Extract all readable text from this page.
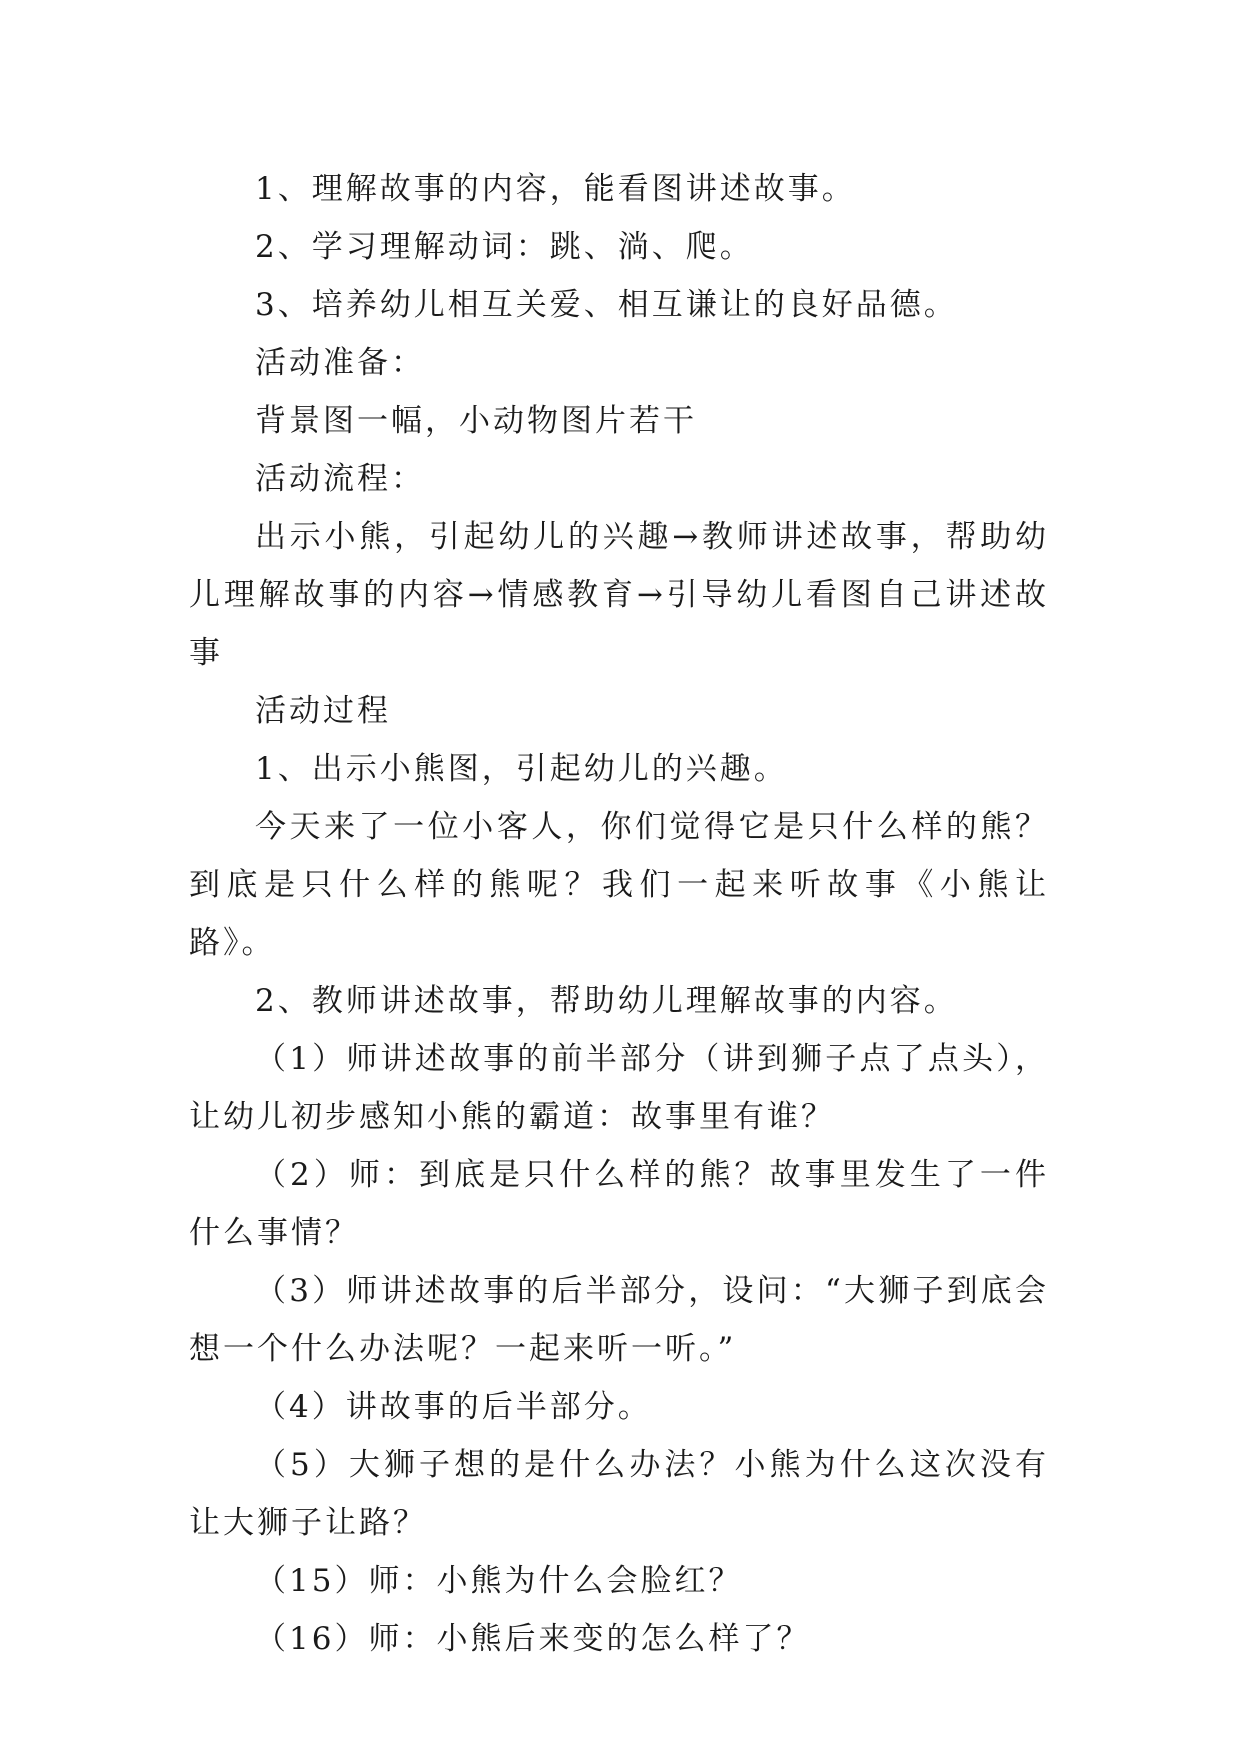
1、理解故事的内容，能看图讲述故事。

2、学习理解动词：跳、淌、爬。

3、培养幼儿相互关爱、相互谦让的良好品德。

活动准备：

背景图一幅，小动物图片若干

活动流程：

出示小熊，引起幼儿的兴趣→教师讲述故事，帮助幼儿理解故事的内容→情感教育→引导幼儿看图自己讲述故事

活动过程

1、出示小熊图，引起幼儿的兴趣。

今天来了一位小客人，你们觉得它是只什么样的熊？到底是只什么样的熊呢？我们一起来听故事《小熊让路》。

2、教师讲述故事，帮助幼儿理解故事的内容。

（1）师讲述故事的前半部分（讲到狮子点了点头），让幼儿初步感知小熊的霸道：故事里有谁？

（2）师：到底是只什么样的熊？故事里发生了一件什么事情？

（3）师讲述故事的后半部分，设问：“大狮子到底会想一个什么办法呢？一起来听一听。”

（4）讲故事的后半部分。

（5）大狮子想的是什么办法？小熊为什么这次没有让大狮子让路？

（15）师：小熊为什么会脸红？

（16）师：小熊后来变的怎么样了？
